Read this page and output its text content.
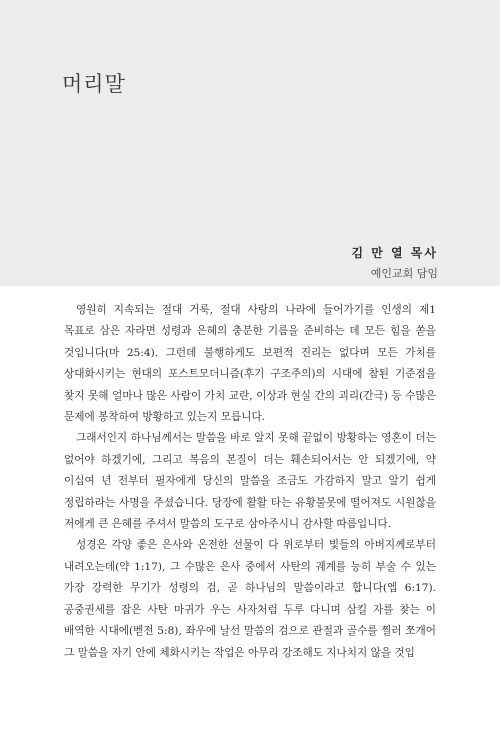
머리말
김 만 열 목사
예인교회 담임

영원히 지속되는 절대 거룩, 절대 사랑의 나라에 들어가기를 인생의 제1 목표로 삼은 자라면 성령과 은혜의 충분한 기름을 준비하는 데 모든 힘을 쏟을 것입니다(마 25:4). 그런데 불행하게도 보편적 진리는 없다며 모든 가치를 상대화시키는 현대의 포스트모더니즘(후기 구조주의)의 시대에 참된 기준점을 찾지 못해 얼마나 많은 사람이 가치 교란, 이상과 현실 간의 괴리(간극) 등 수많은 문제에 봉착하여 방황하고 있는지 모릅니다.

그래서인지 하나님께서는 말씀을 바로 알지 못해 끝없이 방황하는 영혼이 더는 없어야 하겠기에, 그리고 복음의 본질이 더는 훼손되어서는 안 되겠기에, 약 이십여 년 전부터 필자에게 당신의 말씀을 조금도 가감하지 말고 알기 쉽게 정립하라는 사명을 주셨습니다. 당장에 활활 타는 유황불못에 떨어져도 시원찮을 저에게 큰 은혜를 주셔서 말씀의 도구로 삼아주시니 감사할 따름입니다.

성경은 각양 좋은 은사와 온전한 선물이 다 위로부터 빛들의 아버지께로부터 내려오는데(약 1:17), 그 수많은 은사 중에서 사탄의 궤계를 능히 부술 수 있는 가장 강력한 무기가 성령의 검, 곧 하나님의 말씀이라고 합니다(엡 6:17). 공중권세를 잡은 사탄 마귀가 우는 사자처럼 두루 다니며 삼킬 자를 찾는 이 배역한 시대에(벧전 5:8), 좌우에 날선 말씀의 검으로 관절과 골수를 찔러 쪼개어 그 말씀을 자기 안에 체화시키는 작업은 아무리 강조해도 지나치지 않을 것입
